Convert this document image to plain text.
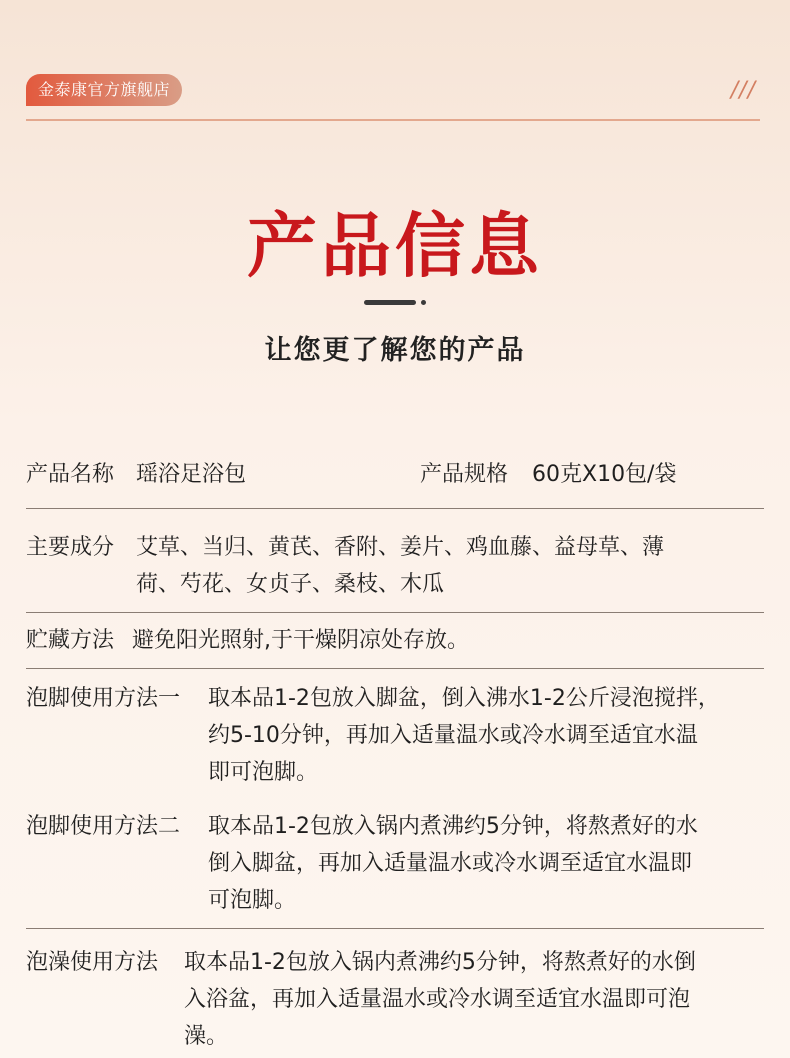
金泰康官方旗舰店	///
产品信息
让您更了解您的产品
产品名称 瑶浴足浴包	产品规格 60克X10包/袋
主要成分 艾草、当归、黄芪、香附、姜片、鸡血藤、益母草、薄
荷、芍花、女贞子、桑枝、木瓜
贮藏方法 避免阳光照射,于干燥阴凉处存放。
泡脚使用方法一 取本品1-2包放入脚盆，倒入沸水1-2公斤浸泡搅拌，
约5-10分钟，再加入适量温水或冷水调至适宜水温
即可泡脚。
泡脚使用方法二 取本品1-2包放入锅内煮沸约5分钟，将熬煮好的水
倒入脚盆，再加入适量温水或冷水调至适宜水温即
可泡脚。
泡澡使用方法 取本品1-2包放入锅内煮沸约5分钟，将熬煮好的水倒
入浴盆，再加入适量温水或冷水调至适宜水温即可泡
澡。
